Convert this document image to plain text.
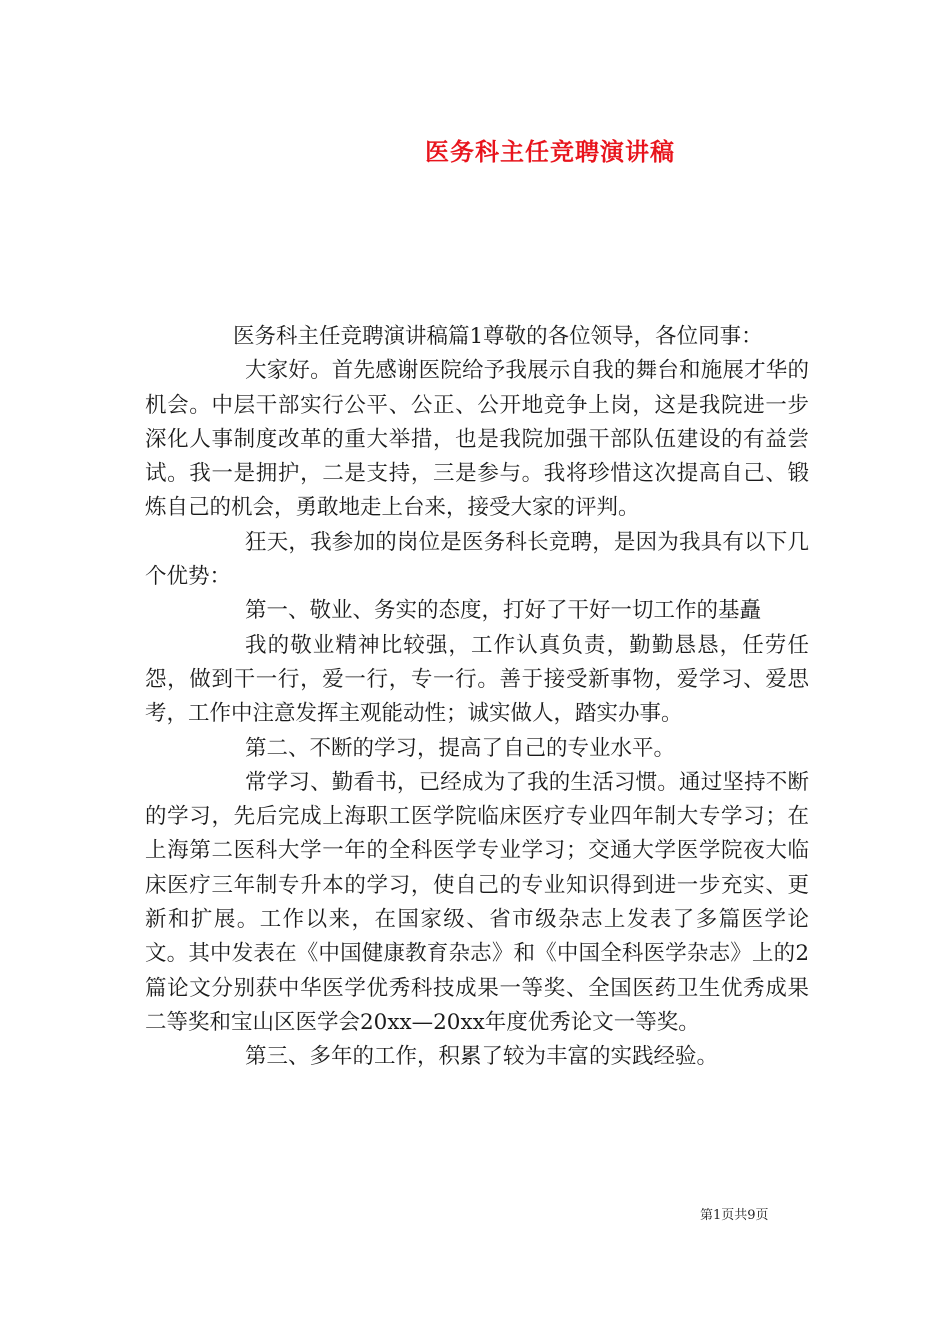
医务科主任竞聘演讲稿

医务科主任竞聘演讲稿篇1尊敬的各位领导，各位同事：

大家好。首先感谢医院给予我展示自我的舞台和施展才华的机会。中层干部实行公平、公正、公开地竞争上岗，这是我院进一步深化人事制度改革的重大举措，也是我院加强干部队伍建设的有益尝试。我一是拥护，二是支持，三是参与。我将珍惜这次提高自己、锻炼自己的机会，勇敢地走上台来，接受大家的评判。

狂天，我参加的岗位是医务科长竞聘，是因为我具有以下几个优势：

第一、敬业、务实的态度，打好了干好一切工作的基矗

我的敬业精神比较强，工作认真负责，勤勤恳恳，任劳任怨，做到干一行，爱一行，专一行。善于接受新事物，爱学习、爱思考，工作中注意发挥主观能动性；诚实做人，踏实办事。

第二、不断的学习，提高了自己的专业水平。

常学习、勤看书，已经成为了我的生活习惯。通过坚持不断的学习，先后完成上海职工医学院临床医疗专业四年制大专学习；在上海第二医科大学一年的全科医学专业学习；交通大学医学院夜大临床医疗三年制专升本的学习，使自己的专业知识得到进一步充实、更新和扩展。工作以来，在国家级、省市级杂志上发表了多篇医学论文。其中发表在《中国健康教育杂志》和《中国全科医学杂志》上的2篇论文分别获中华医学优秀科技成果一等奖、全国医药卫生优秀成果二等奖和宝山区医学会20xx—20xx年度优秀论文一等奖。

第三、多年的工作，积累了较为丰富的实践经验。

第1页共9页
